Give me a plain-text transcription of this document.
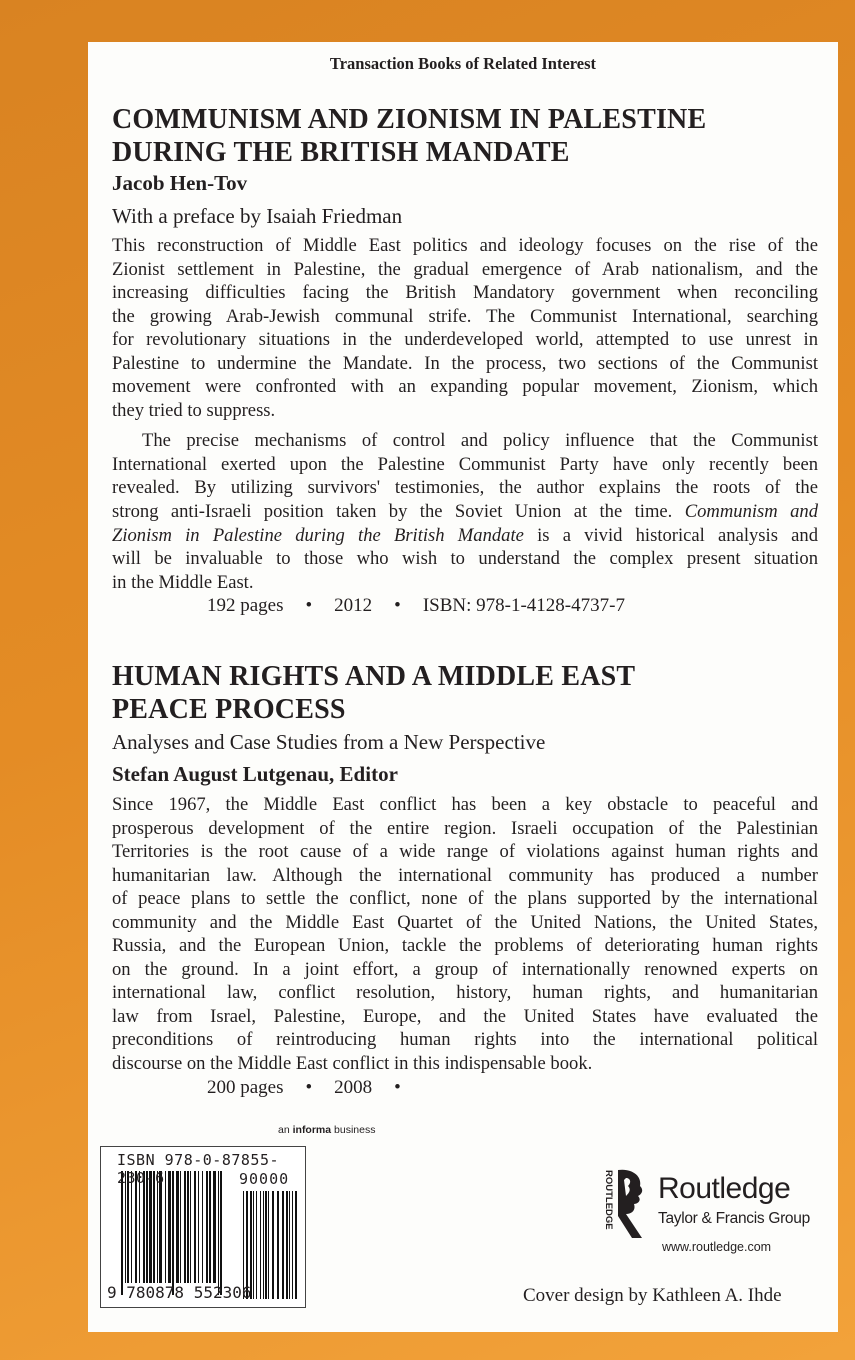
Transaction Books of Related Interest
COMMUNISM AND ZIONISM IN PALESTINE
DURING THE BRITISH MANDATE
Jacob Hen-Tov
With a preface by Isaiah Friedman
This reconstruction of Middle East politics and ideology focuses on the rise of the
Zionist settlement in Palestine, the gradual emergence of Arab nationalism, and the
increasing difficulties facing the British Mandatory government when reconciling
the growing Arab-Jewish communal strife. The Communist International, searching
for revolutionary situations in the underdeveloped world, attempted to use unrest in
Palestine to undermine the Mandate. In the process, two sections of the Communist
movement were confronted with an expanding popular movement, Zionism, which
they tried to suppress.
The precise mechanisms of control and policy influence that the Communist
International exerted upon the Palestine Communist Party have only recently been
revealed. By utilizing survivors' testimonies, the author explains the roots of the
strong anti-Israeli position taken by the Soviet Union at the time. Communism and
Zionism in Palestine during the British Mandate is a vivid historical analysis and
will be invaluable to those who wish to understand the complex present situation
in the Middle East.
192 pages • 2012 • ISBN: 978-1-4128-4737-7
HUMAN RIGHTS AND A MIDDLE EAST
PEACE PROCESS
Analyses and Case Studies from a New Perspective
Stefan August Lutgenau, Editor
Since 1967, the Middle East conflict has been a key obstacle to peaceful and
prosperous development of the entire region. Israeli occupation of the Palestinian
Territories is the root cause of a wide range of violations against human rights and
humanitarian law. Although the international community has produced a number
of peace plans to settle the conflict, none of the plans supported by the international
community and the Middle East Quartet of the United Nations, the United States,
Russia, and the European Union, tackle the problems of deteriorating human rights
on the ground. In a joint effort, a group of internationally renowned experts on
international law, conflict resolution, history, human rights, and humanitarian
law from Israel, Palestine, Europe, and the United States have evaluated the
preconditions of reintroducing human rights into the international political
discourse on the Middle East conflict in this indispensable book.
200 pages • 2008 •
an informa business
ISBN 978-0-87855-230-6	90000
9 780878 552306
ROUTLEDGE Routledge
Taylor & Francis Group
www.routledge.com
Cover design by Kathleen A. Ihde
